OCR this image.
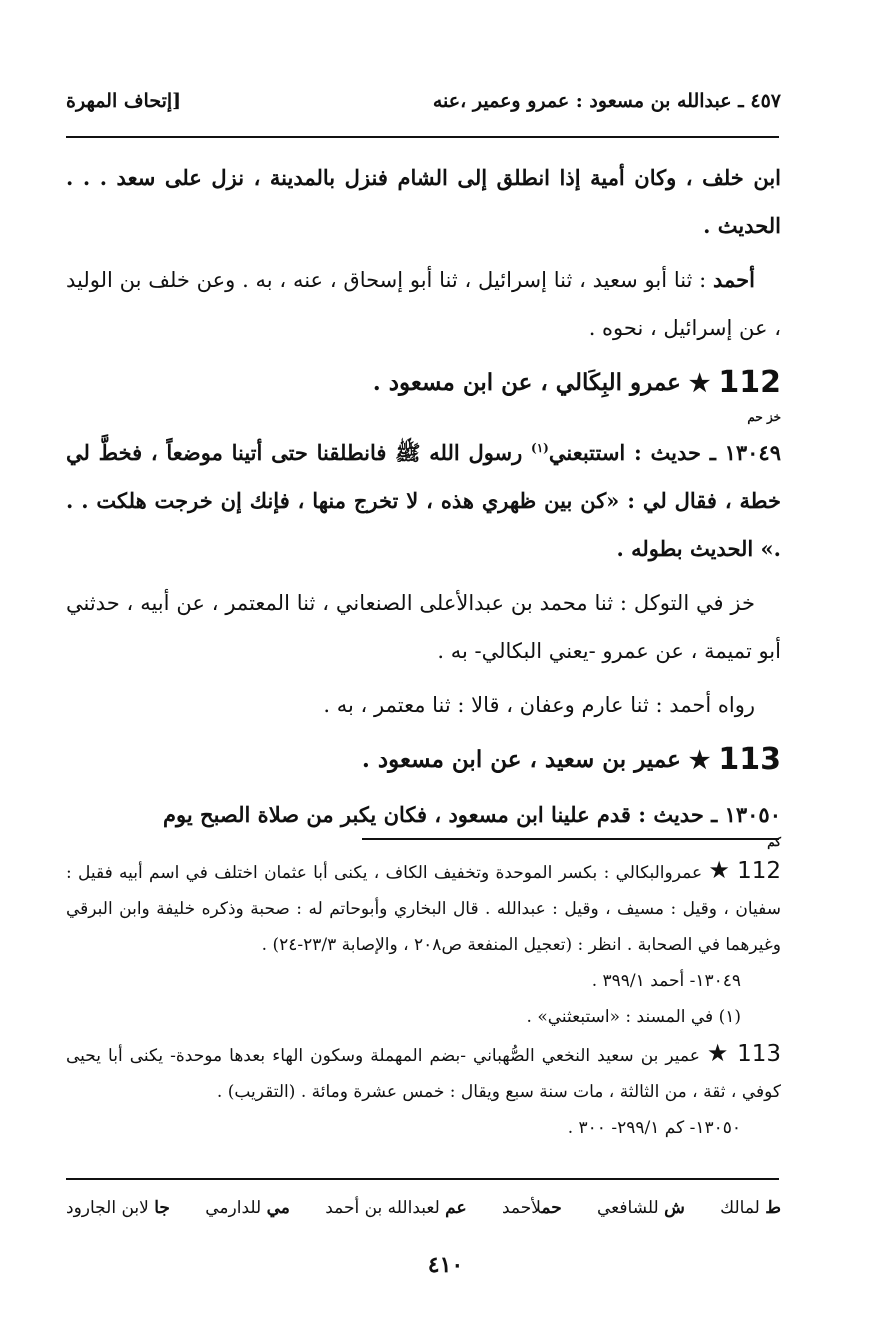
٤٥٧ ـ عبدالله بن مسعود : عمرو وعمير ،عنه
[إتحاف المهرة

ابن خلف ، وكان أمية إذا انطلق إلى الشام فنزل بالمدينة ، نزل على سعد . . . الحديث .

أحمد : ثنا أبو سعيد ، ثنا إسرائيل ، ثنا أبو إسحاق ، عنه ، به . وعن خلف بن الوليد ، عن إسرائيل ، نحوه .

112
★
عمرو البِكَالي ، عن ابن مسعود .

خز حم
١٣٠٤٩ ـ حديث : استتبعني$^{(١)}$ رسول الله ﷺ فانطلقنا حتى أتينا موضعاً ، فخطَّ لي خطة ، فقال لي : «كن بين ظهري هذه ، لا تخرج منها ، فإنك إن خرجت هلكت . . .» الحديث بطوله .

خز في التوكل : ثنا محمد بن عبدالأعلى الصنعاني ، ثنا المعتمر ، عن أبيه ، حدثني أبو تميمة ، عن عمرو -يعني البكالي- به .

رواه أحمد : ثنا عارم وعفان ، قالا : ثنا معتمر ، به .

113
★
عمير بن سعيد ، عن ابن مسعود .

١٣٠٥٠ ـ حديث : قدم علينا ابن مسعود ، فكان يكبر من صلاة الصبح يوم
كم

112 ★ عمروالبكالي : بكسر الموحدة وتخفيف الكاف ، يكنى أبا عثمان اختلف في اسم أبيه فقيل : سفيان ، وقيل : مسيف ، وقيل : عبدالله . قال البخاري وأبوحاتم له : صحبة وذكره خليفة وابن البرقي وغيرهما في الصحابة . انظر : (تعجيل المنفعة ص٢٠٨ ، والإصابة ٢٣/٣-٢٤) .

١٣٠٤٩- أحمد ٣٩٩/١ .

(١) في المسند : «استبعثني» .

113 ★ عمير بن سعيد النخعي الصُّهباني -بضم المهملة وسكون الهاء بعدها موحدة- يكنى أبا يحيى كوفي ، ثقة ، من الثالثة ، مات سنة سبع ويقال : خمس عشرة ومائة . (التقريب) .

١٣٠٥٠- كم ٢٩٩/١- ٣٠٠ .

ط لمالك
ش للشافعي
حملأحمد
عم لعبدالله بن أحمد
مي للدارمي
جا لابن الجارود
٤١٠
